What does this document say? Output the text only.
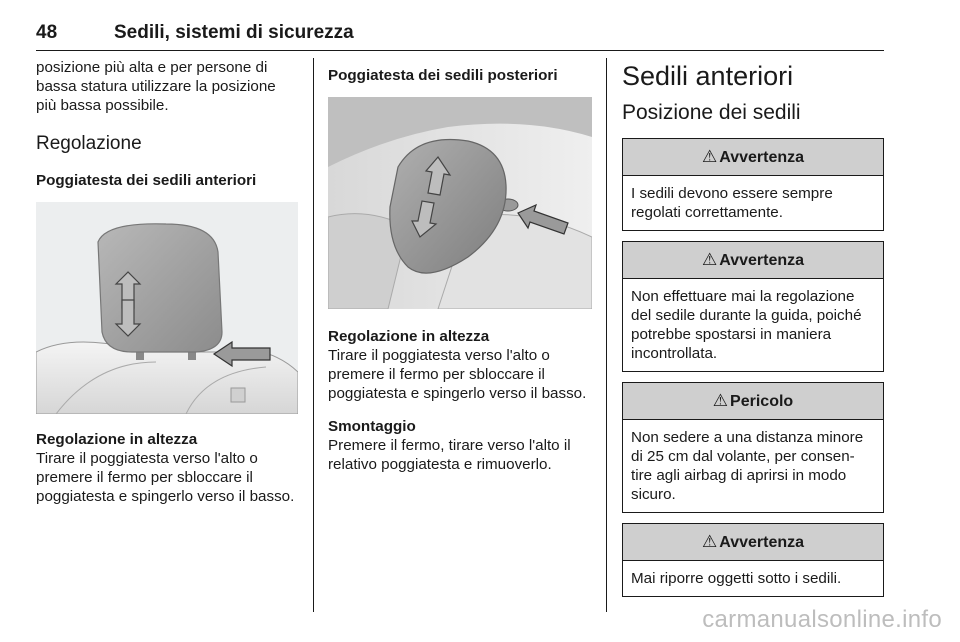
48	Sedili, sistemi di sicurezza

posizione più alta e per persone di bassa statura utilizzare la posizione più bassa possibile.

Regolazione

Poggiatesta dei sedili anteriori

Regolazione in altezza

Tirare il poggiatesta verso l'alto o premere il fermo per sbloccare il poggiatesta e spingerlo verso il basso.

Poggiatesta dei sedili posteriori

Regolazione in altezza

Tirare il poggiatesta verso l'alto o premere il fermo per sbloccare il poggiatesta e spingerlo verso il basso.

Smontaggio

Premere il fermo, tirare verso l'alto il relativo poggiatesta e rimuoverlo.

Sedili anteriori

Posizione dei sedili

⚠ Avvertenza
I sedili devono essere sempre regolati correttamente.
⚠ Avvertenza
Non effettuare mai la regolazione del sedile durante la guida, poiché potrebbe spostarsi in maniera incontrollata.
⚠ Pericolo
Non sedere a una distanza minore di 25 cm dal volante, per consen-tire agli airbag di aprirsi in modo sicuro.
⚠ Avvertenza
Mai riporre oggetti sotto i sedili.
carmanualsonline.info
